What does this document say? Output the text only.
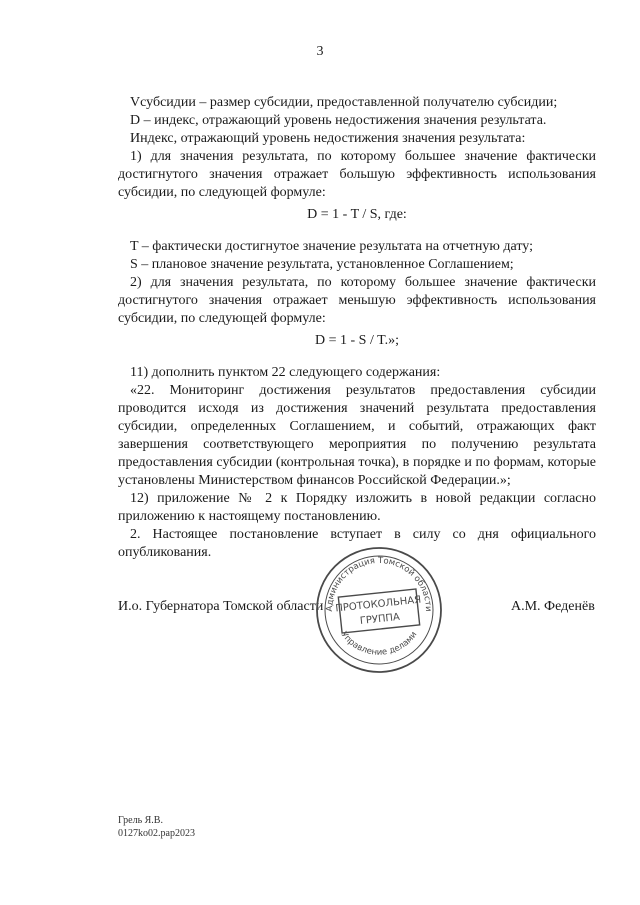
3

Vсубсидии – размер субсидии, предоставленной получателю субсидии;

D – индекс, отражающий уровень недостижения значения результата.

Индекс, отражающий уровень недостижения значения результата:

1) для значения результата, по которому большее значение фактически достигнутого значения отражает большую эффективность использования субсидии, по следующей формуле:

D = 1 - T / S, где:

T – фактически достигнутое значение результата на отчетную дату;

S – плановое значение результата, установленное Соглашением;

2) для значения результата, по которому большее значение фактически достигнутого значения отражает меньшую эффективность использования субсидии, по следующей формуле:

D = 1 - S / T.»;

11) дополнить пунктом 22 следующего содержания:

«22. Мониторинг достижения результатов предоставления субсидии проводится исходя из достижения значений результата предоставления субсидии, определенных Соглашением, и событий, отражающих факт завершения соответствующего мероприятия по получению результата предоставления субсидии (контрольная точка), в порядке и по формам, которые установлены Министерством финансов Российской Федерации.»;

12) приложение № 2 к Порядку изложить в новой редакции согласно приложению к настоящему постановлению.

2. Настоящее постановление вступает в силу со дня официального опубликования.

И.о. Губернатора Томской области	А.М. Феденёв
Администрация Томской области
Управление делами
ПРОТОКОЛЬНАЯ
ГРУППА
Грель Я.В.
0127ko02.pap2023
